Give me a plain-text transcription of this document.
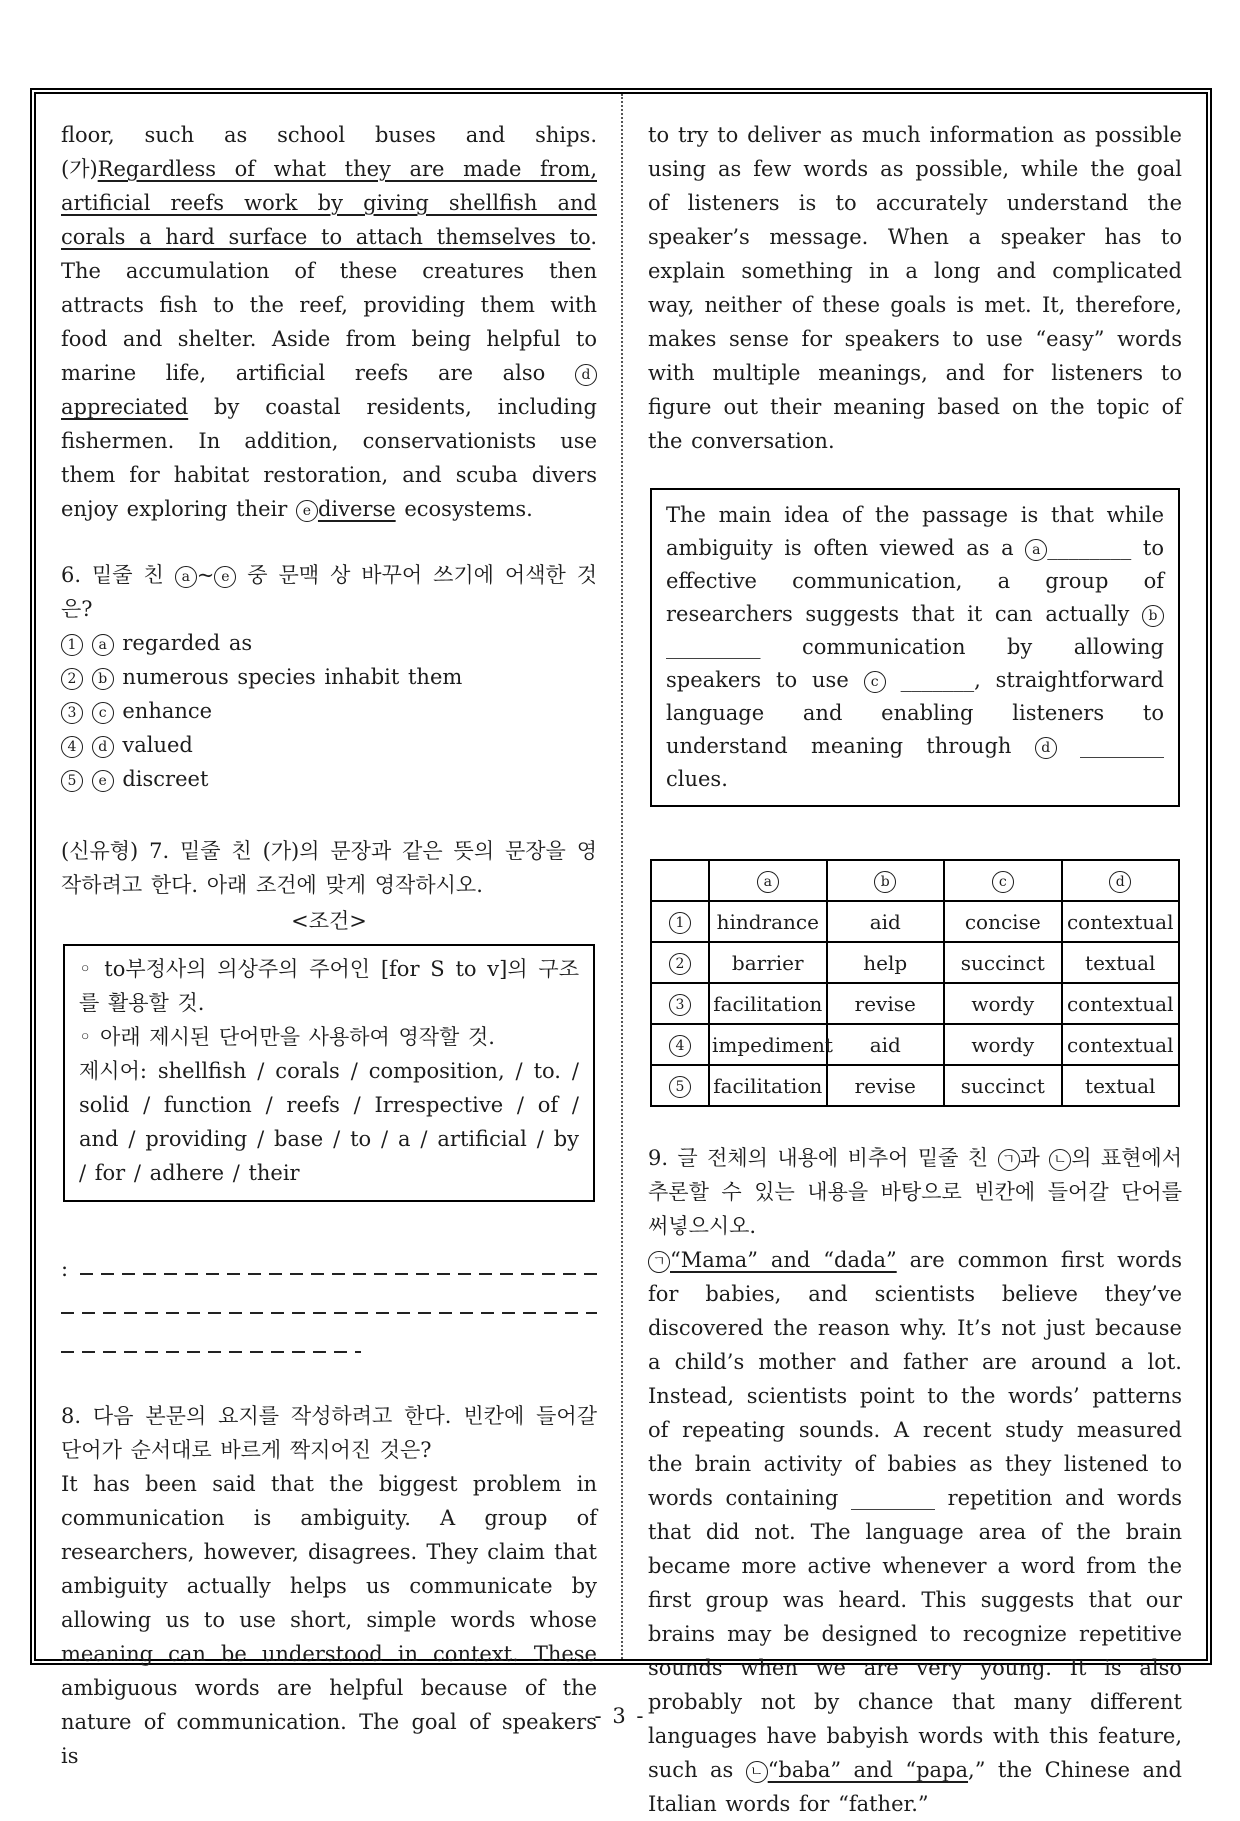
floor, such as school buses and ships. (가)Regardless of what they are made from, artificial reefs work by giving shellfish and corals a hard surface to attach themselves to. The accumulation of these creatures then attracts fish to the reef, providing them with food and shelter. Aside from being helpful to marine life, artificial reefs are also dappreciated by coastal residents, including fishermen. In addition, conservationists use them for habitat restoration, and scuba divers enjoy exploring their e diverse ecosystems.

6. 밑줄 친 a ~ e 중 문맥 상 바꾸어 쓰기에 어색한 것은?

1 a regarded as

2 b numerous species inhabit them

3 c enhance

4 d valued

5 e discreet

(신유형) 7. 밑줄 친 (가)의 문장과 같은 뜻의 문장을 영작하려고 한다. 아래 조건에 맞게 영작하시오.

<조건>

◦ to부정사의 의상주의 주어인 [for S to v]의 구조를 활용할 것.

◦ 아래 제시된 단어만을 사용하여 영작할 것.

제시어: shellfish / corals / composition, / to. / solid / function / reefs / Irrespective / of / and / providing / base / to / a / artificial / by / for / adhere / their

:

8. 다음 본문의 요지를 작성하려고 한다. 빈칸에 들어갈 단어가 순서대로 바르게 짝지어진 것은?

It has been said that the biggest problem in communication is ambiguity. A group of researchers, however, disagrees. They claim that ambiguity actually helps us communicate by allowing us to use short, simple words whose meaning can be understood in context. These ambiguous words are helpful because of the nature of communication. The goal of speakers is

to try to deliver as much information as possible using as few words as possible, while the goal of listeners is to accurately understand the speaker’s message. When a speaker has to explain something in a long and complicated way, neither of these goals is met. It, therefore, makes sense for speakers to use “easy” words with multiple meanings, and for listeners to figure out their meaning based on the topic of the conversation.

The main idea of the passage is that while ambiguity is often viewed as a a ________ to effective communication, a group of researchers suggests that it can actually b_________ communication by allowing speakers to use c _______, straightforward language and enabling listeners to understand meaning through d ________ clues.

	a	b	c	d
1	hindrance	aid	concise	contextual
2	barrier	help	succinct	textual
3	facilitation	revise	wordy	contextual
4	impediment	aid	wordy	contextual
5	facilitation	revise	succinct	textual

9. 글 전체의 내용에 비추어 밑줄 친 ㄱ 과 ㄴ 의 표현에서 추론할 수 있는 내용을 바탕으로 빈칸에 들어갈 단어를 써넣으시오.

ㄱ “Mama” and “dada” are common first words for babies, and scientists believe they’ve discovered the reason why. It’s not just because a child’s mother and father are around a lot. Instead, scientists point to the words’ patterns of repeating sounds. A recent study measured the brain activity of babies as they listened to words containing ________ repetition and words that did not. The language area of the brain became more active whenever a word from the first group was heard. This suggests that our brains may be designed to recognize repetitive sounds when we are very young. It is also probably not by chance that many different languages have babyish words with this feature, such as ㄴ “baba” and “papa,” the Chinese and Italian words for “father.”

- 3 -
